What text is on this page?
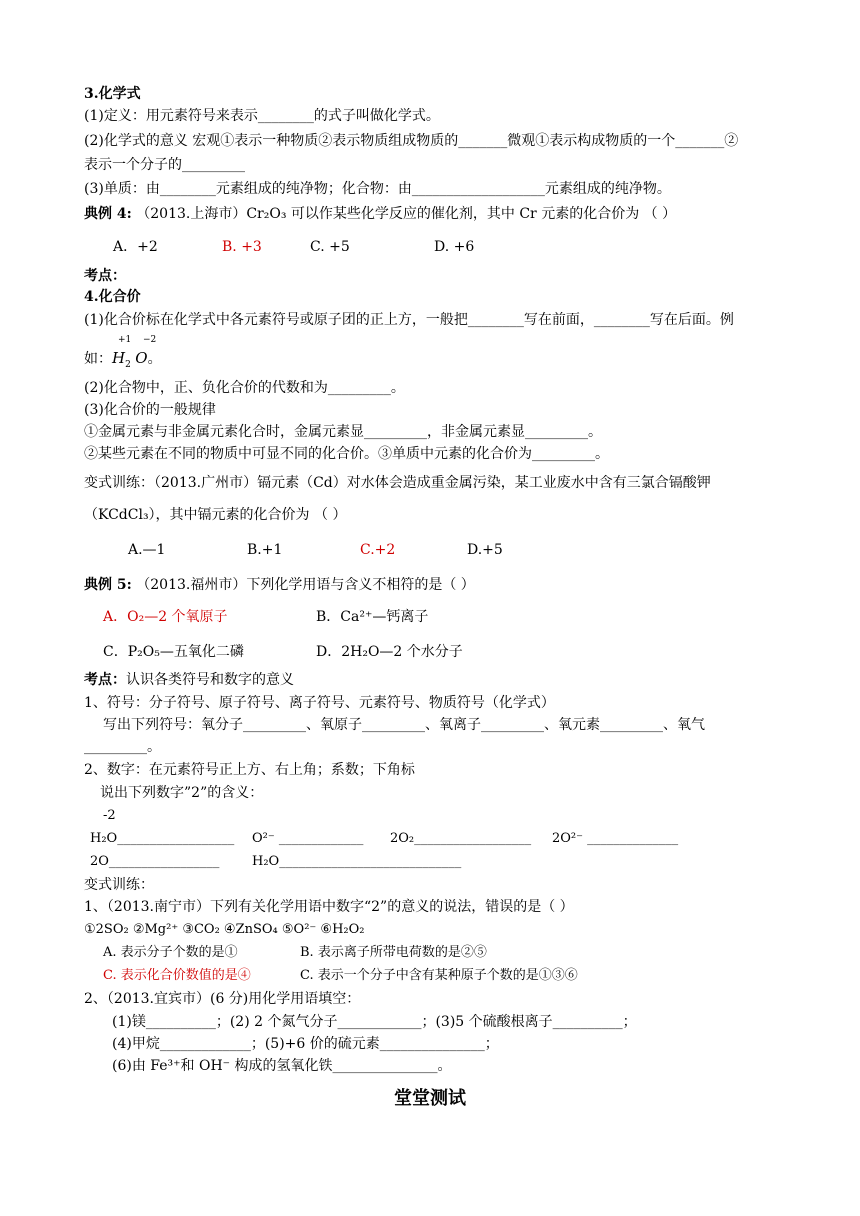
3.化学式
(1)定义：用元素符号来表示________的式子叫做化学式。
(2)化学式的意义 宏观①表示一种物质②表示物质组成物质的_______微观①表示构成物质的一个_______②
表示一个分子的_________
(3)单质：由________元素组成的纯净物；化合物：由___________________元素组成的纯净物。
典例 4: （2013.上海市）Cr₂O₃ 可以作某些化学反应的催化剂，其中 Cr 元素的化合价为 （ ）
A．+2	B. +3	C. +5	D. +6
考点：
4.化合价
(1)化合价标在化学式中各元素符号或原子团的正上方，一般把________写在前面，________写在后面。例
+1 −2
如：$H_2$ O。
(2)化合物中，正、负化合价的代数和为_________。
(3)化合价的一般规律
①金属元素与非金属元素化合时，金属元素显_________，非金属元素显_________。
②某些元素在不同的物质中可显不同的化合价。③单质中元素的化合价为_________。
变式训练：（2013.广州市）镉元素（Cd）对水体会造成重金属污染，某工业废水中含有三氯合镉酸钾
（KCdCl₃），其中镉元素的化合价为 （ ）
A.—1	B.+1	C.+2	D.+5
典例 5: （2013.福州市）下列化学用语与含义不相符的是（ ）
A．O₂—2 个氧原子	B．Ca²⁺—钙离子
C．P₂O₅—五氧化二磷	D．2H₂O—2 个水分子
考点：认识各类符号和数字的意义
1、符号：分子符号、原子符号、离子符号、元素符号、物质符号（化学式）
写出下列符号：氧分子_________、氧原子_________、氧离子_________、氧元素_________、氧气
_________。
2、数字：在元素符号正上方、右上角；系数；下角标
说出下列数字”2”的含义：
-2
H₂O__________________ O²⁻ _____________ 2O₂__________________ 2O²⁻ ______________
2O_________________	H₂O____________________________
变式训练：
1、（2013.南宁市）下列有关化学用语中数字“2”的意义的说法，错误的是（ ）
①2SO₂ ②Mg²⁺ ③CO₂ ④ZnSO₄ ⑤O²⁻ ⑥H₂O₂
A. 表示分子个数的是①	B. 表示离子所带电荷数的是②⑤
C. 表示化合价数值的是④	C. 表示一个分子中含有某种原子个数的是①③⑥
2、（2013.宜宾市）(6 分)用化学用语填空：
(1)镁__________；(2) 2 个氮气分子____________；(3)5 个硫酸根离子__________；
(4)甲烷_____________；(5)+6 价的硫元素_______________；
(6)由 Fe³⁺和 OH⁻ 构成的氢氧化铁_______________。
堂堂测试
